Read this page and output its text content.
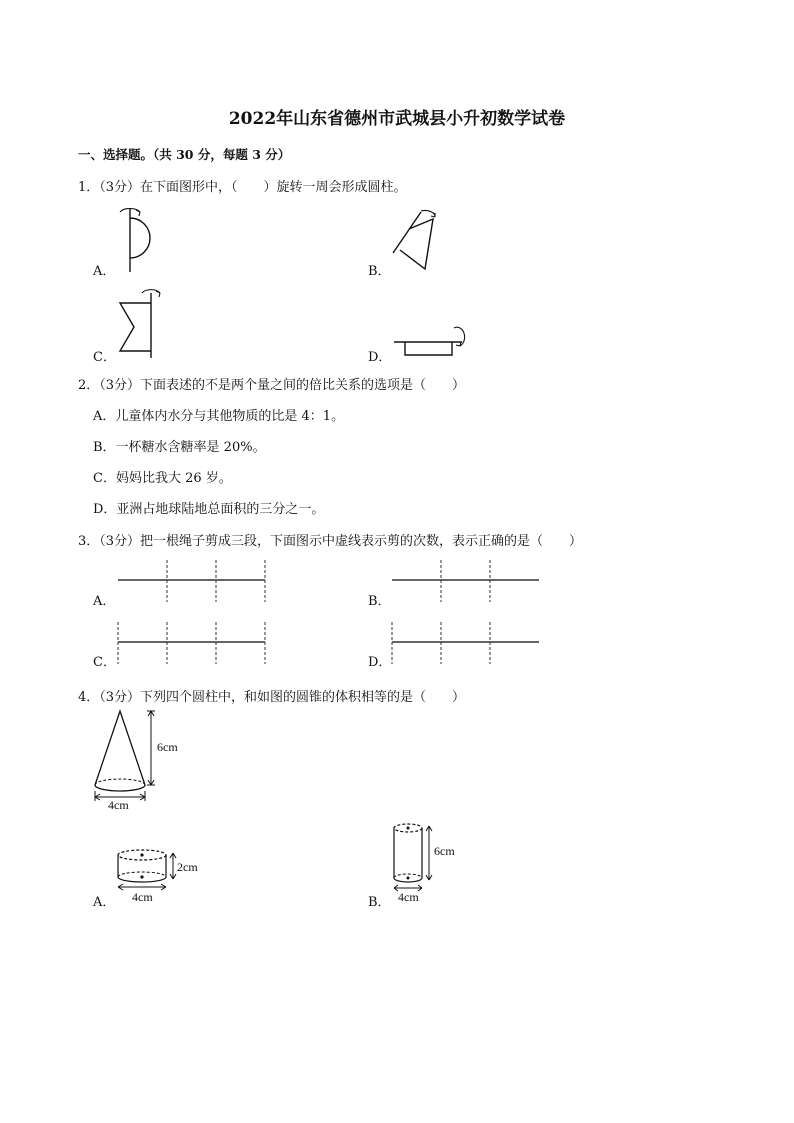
2022年山东省德州市武城县小升初数学试卷
一、选择题。（共 30 分，每题 3 分）
1．（3分）在下面图形中，（　　）旋转一周会形成圆柱。
A．	B．
C．	D．
2．（3分）下面表述的不是两个量之间的倍比关系的选项是（　　）
A．儿童体内水分与其他物质的比是 4：1。
B．一杯糖水含糖率是 20%。
C．妈妈比我大 26 岁。
D．亚洲占地球陆地总面积的三分之一。
3．（3分）把一根绳子剪成三段，下面图示中虚线表示剪的次数，表示正确的是（　　）
A．	B．
C．	D．
4．（3分）下列四个圆柱中，和如图的圆锥的体积相等的是（　　）
6cm
4cm
A．
2cm
4cm	B．
6cm
4cm
